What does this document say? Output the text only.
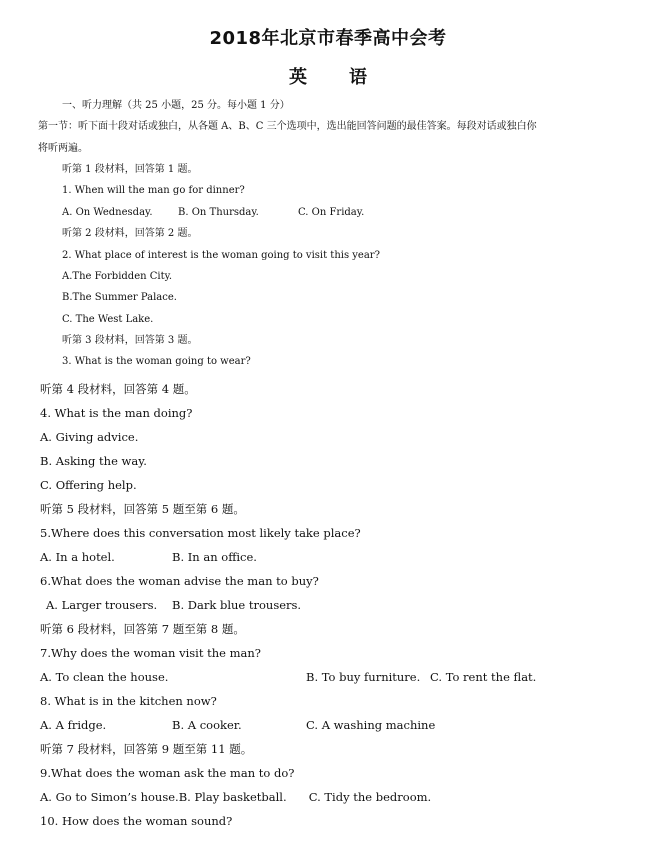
2018年北京市春季高中会考
英 语
一、听力理解（共 25 小题，25 分。每小题 1 分）
第一节：听下面十段对话或独白，从各题 A、B、C 三个选项中，选出能回答问题的最佳答案。每段对话或独白你
将听两遍。
听第 1 段材料，回答第 1 题。
1. When will the man go for dinner?
A. On Wednesday.	B. On Thursday.	C. On Friday.
听第 2 段材料，回答第 2 题。
2. What place of interest is the woman going to visit this year?
A.The Forbidden City.
B.The Summer Palace.
C. The West Lake.
听第 3 段材料，回答第 3 题。
3. What is the woman going to wear?
听第 4 段材料，回答第 4 题。
4. What is the man doing?
A. Giving advice.
B. Asking the way.
C. Offering help.
听第 5 段材料，回答第 5 题至第 6 题。
5.Where does this conversation most likely take place?
A. In a hotel.	B. In an office.
6.What does the woman advise the man to buy?
A. Larger trousers. B. Dark blue trousers.
听第 6 段材料，回答第 7 题至第 8 题。
7.Why does the woman visit the man?
A. To clean the house.	B. To buy furniture. C. To rent the flat.
8. What is in the kitchen now?
A. A fridge.	B. A cooker.	C. A washing machine
听第 7 段材料，回答第 9 题至第 11 题。
9.What does the woman ask the man to do?
A. Go to Simon’s house.B. Play basketball. C. Tidy the bedroom.
10. How does the woman sound?
